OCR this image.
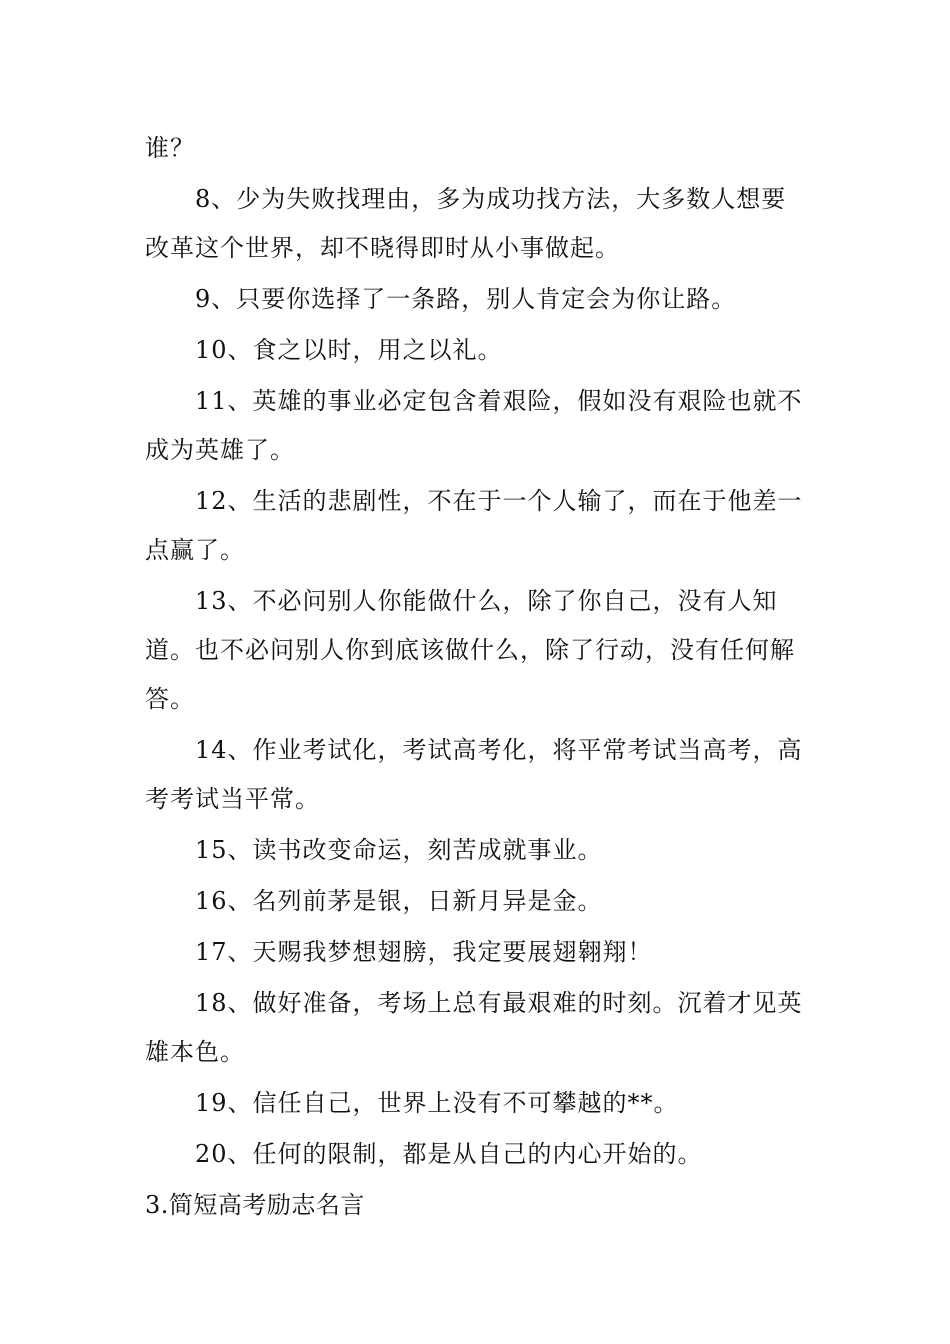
谁？

8、少为失败找理由，多为成功找方法，大多数人想要改革这个世界，却不晓得即时从小事做起。

9、只要你选择了一条路，别人肯定会为你让路。

10、食之以时，用之以礼。

11、英雄的事业必定包含着艰险，假如没有艰险也就不成为英雄了。

12、生活的悲剧性，不在于一个人输了，而在于他差一点赢了。

13、不必问别人你能做什么，除了你自己，没有人知道。也不必问别人你到底该做什么，除了行动，没有任何解答。

14、作业考试化，考试高考化，将平常考试当高考，高考考试当平常。

15、读书改变命运，刻苦成就事业。

16、名列前茅是银，日新月异是金。

17、天赐我梦想翅膀，我定要展翅翱翔！

18、做好准备，考场上总有最艰难的时刻。沉着才见英雄本色。

19、信任自己，世界上没有不可攀越的**。

20、任何的限制，都是从自己的内心开始的。

3.简短高考励志名言
